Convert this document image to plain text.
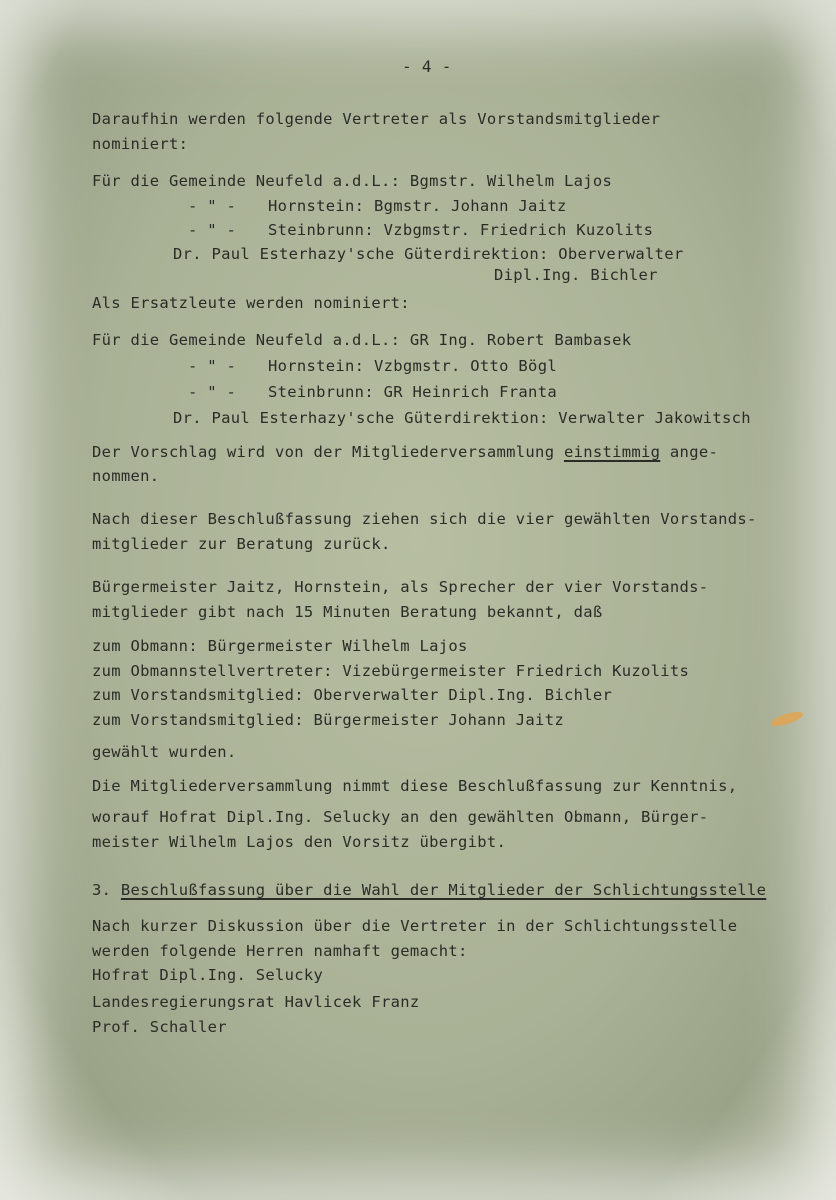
- 4 -
Daraufhin werden folgende Vertreter als Vorstandsmitglieder
nominiert:
Für die Gemeinde Neufeld a.d.L.: Bgmstr. Wilhelm Lajos
- " - Hornstein: Bgmstr. Johann Jaitz
- " - Steinbrunn: Vzbgmstr. Friedrich Kuzolits
Dr. Paul Esterhazy'sche Güterdirektion: Oberverwalter
Dipl.Ing. Bichler
Als Ersatzleute werden nominiert:
Für die Gemeinde Neufeld a.d.L.: GR Ing. Robert Bambasek
- " - Hornstein: Vzbgmstr. Otto Bögl
- " - Steinbrunn: GR Heinrich Franta
Dr. Paul Esterhazy'sche Güterdirektion: Verwalter Jakowitsch
Der Vorschlag wird von der Mitgliederversammlung einstimmig ange-
nommen.
Nach dieser Beschlußfassung ziehen sich die vier gewählten Vorstands-
mitglieder zur Beratung zurück.
Bürgermeister Jaitz, Hornstein, als Sprecher der vier Vorstands-
mitglieder gibt nach 15 Minuten Beratung bekannt, daß
zum Obmann: Bürgermeister Wilhelm Lajos
zum Obmannstellvertreter: Vizebürgermeister Friedrich Kuzolits
zum Vorstandsmitglied: Oberverwalter Dipl.Ing. Bichler
zum Vorstandsmitglied: Bürgermeister Johann Jaitz
gewählt wurden.
Die Mitgliederversammlung nimmt diese Beschlußfassung zur Kenntnis,
worauf Hofrat Dipl.Ing. Selucky an den gewählten Obmann, Bürger-
meister Wilhelm Lajos den Vorsitz übergibt.
3. Beschlußfassung über die Wahl der Mitglieder der Schlichtungsstelle
Nach kurzer Diskussion über die Vertreter in der Schlichtungsstelle
werden folgende Herren namhaft gemacht:
Hofrat Dipl.Ing. Selucky
Landesregierungsrat Havlicek Franz
Prof. Schaller
